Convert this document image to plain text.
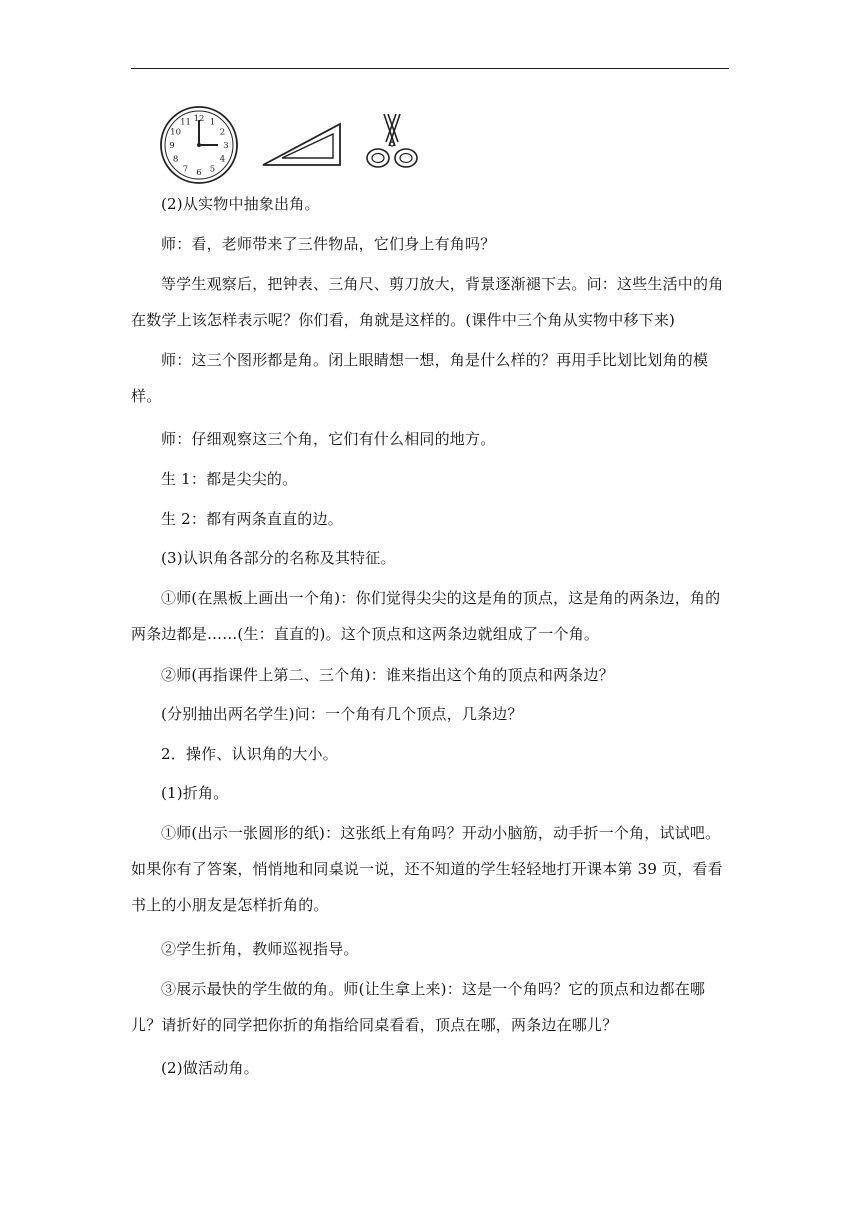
12 1
2
3
4
5
6
7
8
9
10
11

(2)从实物中抽象出角。

师：看，老师带来了三件物品，它们身上有角吗？

等学生观察后，把钟表、三角尺、剪刀放大，背景逐渐褪下去。问：这些生活中的角在数学上该怎样表示呢？你们看，角就是这样的。(课件中三个角从实物中移下来)

师：这三个图形都是角。闭上眼睛想一想，角是什么样的？再用手比划比划角的模样。

师：仔细观察这三个角，它们有什么相同的地方。

生 1：都是尖尖的。

生 2：都有两条直直的边。

(3)认识角各部分的名称及其特征。

①师(在黑板上画出一个角)：你们觉得尖尖的这是角的顶点，这是角的两条边，角的两条边都是……(生：直直的)。这个顶点和这两条边就组成了一个角。

②师(再指课件上第二、三个角)：谁来指出这个角的顶点和两条边？

(分别抽出两名学生)问：一个角有几个顶点，几条边？

2．操作、认识角的大小。

(1)折角。

①师(出示一张圆形的纸)：这张纸上有角吗？开动小脑筋，动手折一个角，试试吧。如果你有了答案，悄悄地和同桌说一说，还不知道的学生轻轻地打开课本第 39 页，看看书上的小朋友是怎样折角的。

②学生折角，教师巡视指导。

③展示最快的学生做的角。师(让生拿上来)：这是一个角吗？它的顶点和边都在哪儿？请折好的同学把你折的角指给同桌看看，顶点在哪，两条边在哪儿？

(2)做活动角。
